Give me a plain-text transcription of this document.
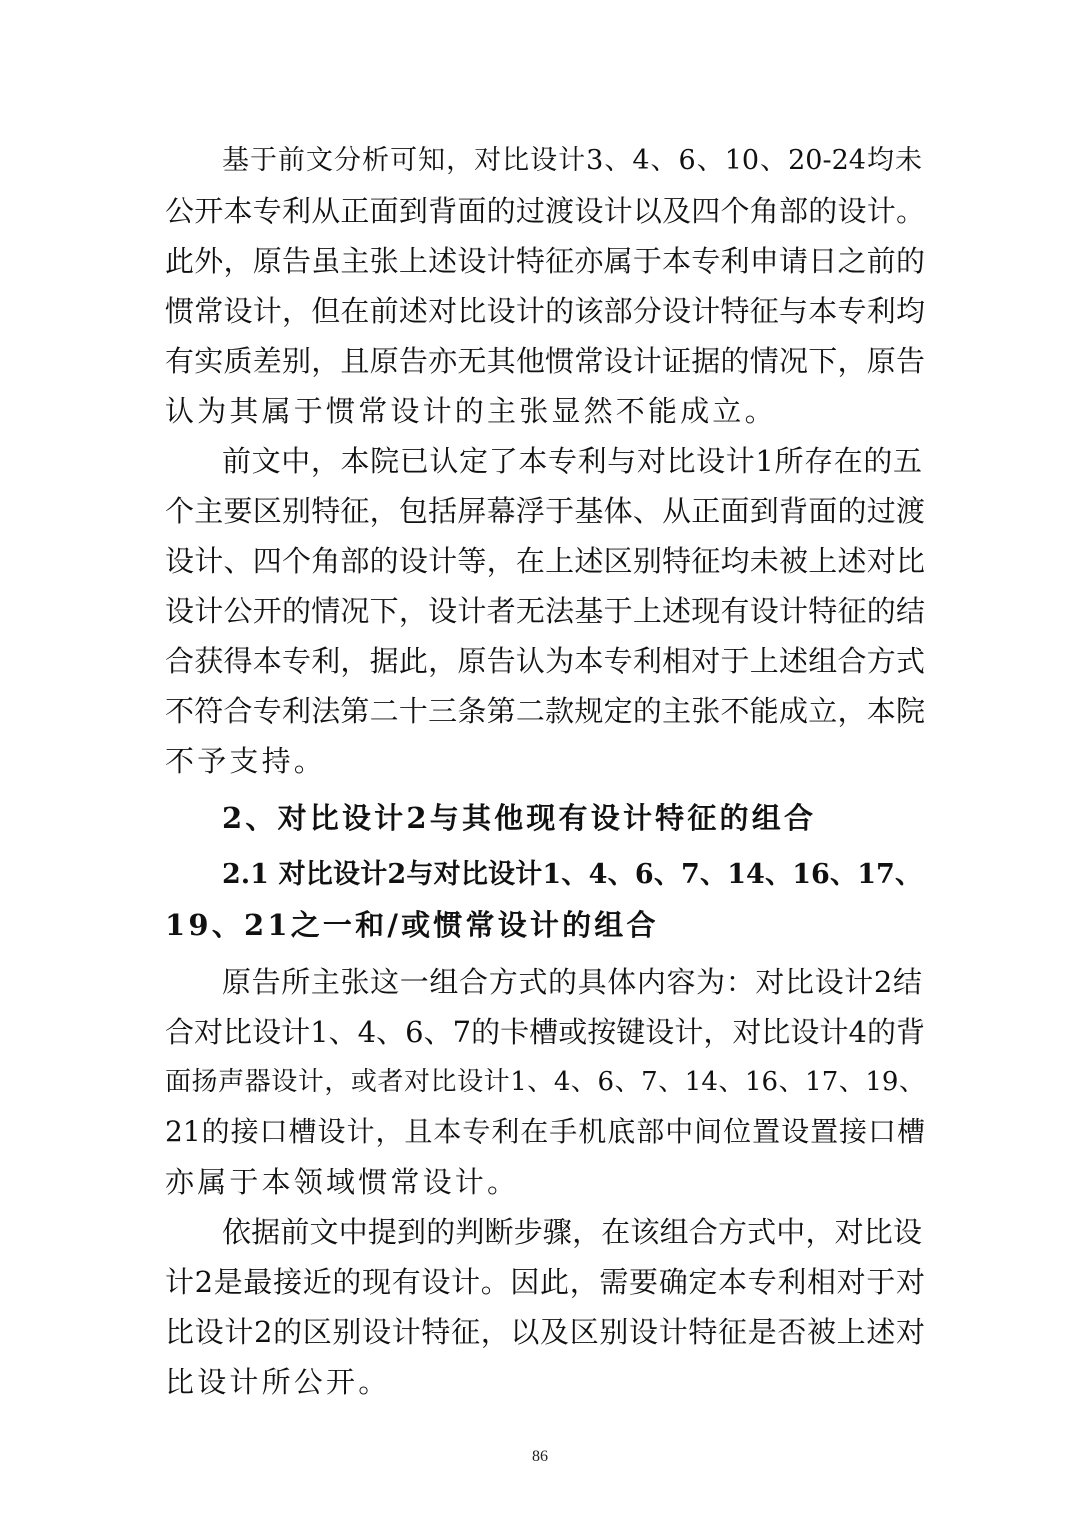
基于前文分析可知，对比设计3、4、6、10、20-24均未
公开本专利从正面到背面的过渡设计以及四个角部的设计。
此外，原告虽主张上述设计特征亦属于本专利申请日之前的
惯常设计，但在前述对比设计的该部分设计特征与本专利均
有实质差别，且原告亦无其他惯常设计证据的情况下，原告
认为其属于惯常设计的主张显然不能成立。
前文中，本院已认定了本专利与对比设计1所存在的五
个主要区别特征，包括屏幕浮于基体、从正面到背面的过渡
设计、四个角部的设计等，在上述区别特征均未被上述对比
设计公开的情况下，设计者无法基于上述现有设计特征的结
合获得本专利，据此，原告认为本专利相对于上述组合方式
不符合专利法第二十三条第二款规定的主张不能成立，本院
不予支持。
2、对比设计2与其他现有设计特征的组合
2.1 对比设计2与对比设计1、4、6、7、14、16、17、
19、21之一和/或惯常设计的组合
原告所主张这一组合方式的具体内容为：对比设计2结
合对比设计1、4、6、7的卡槽或按键设计，对比设计4的背
面扬声器设计，或者对比设计1、4、6、7、14、16、17、19、
21的接口槽设计，且本专利在手机底部中间位置设置接口槽
亦属于本领域惯常设计。
依据前文中提到的判断步骤，在该组合方式中，对比设
计2是最接近的现有设计。因此，需要确定本专利相对于对
比设计2的区别设计特征，以及区别设计特征是否被上述对
比设计所公开。
86
